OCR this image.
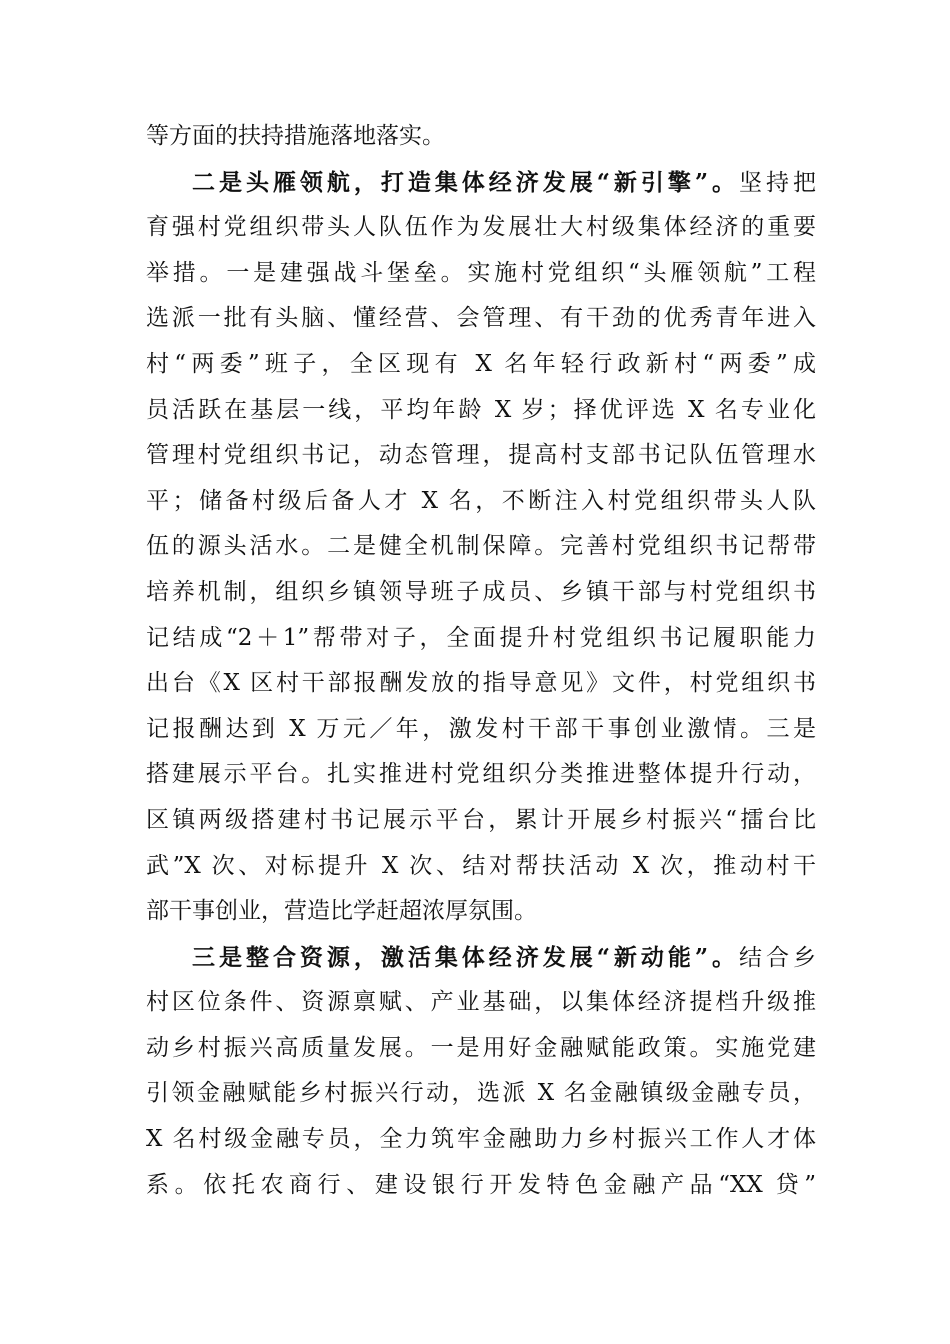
等方面的扶持措施落地落实。
二是头雁领航，打造集体经济发展“新引擎”。坚持把
育强村党组织带头人队伍作为发展壮大村级集体经济的重要
举措。一是建强战斗堡垒。实施村党组织“头雁领航”工程
选派一批有头脑、懂经营、会管理、有干劲的优秀青年进入
村“两委”班子，全区现有 X 名年轻行政新村“两委”成
员活跃在基层一线，平均年龄 X 岁；择优评选 X 名专业化
管理村党组织书记，动态管理，提高村支部书记队伍管理水
平；储备村级后备人才 X 名，不断注入村党组织带头人队
伍的源头活水。二是健全机制保障。完善村党组织书记帮带
培养机制，组织乡镇领导班子成员、乡镇干部与村党组织书
记结成“2＋1”帮带对子，全面提升村党组织书记履职能力
出台《X 区村干部报酬发放的指导意见》文件，村党组织书
记报酬达到 X 万元／年，激发村干部干事创业激情。三是
搭建展示平台。扎实推进村党组织分类推进整体提升行动，
区镇两级搭建村书记展示平台，累计开展乡村振兴“擂台比
武”X 次、对标提升 X 次、结对帮扶活动 X 次，推动村干
部干事创业，营造比学赶超浓厚氛围。
三是整合资源，激活集体经济发展“新动能”。结合乡
村区位条件、资源禀赋、产业基础，以集体经济提档升级推
动乡村振兴高质量发展。一是用好金融赋能政策。实施党建
引领金融赋能乡村振兴行动，选派 X 名金融镇级金融专员，
X 名村级金融专员，全力筑牢金融助力乡村振兴工作人才体
系。依托农商行、建设银行开发特色金融产品“XX 贷”
